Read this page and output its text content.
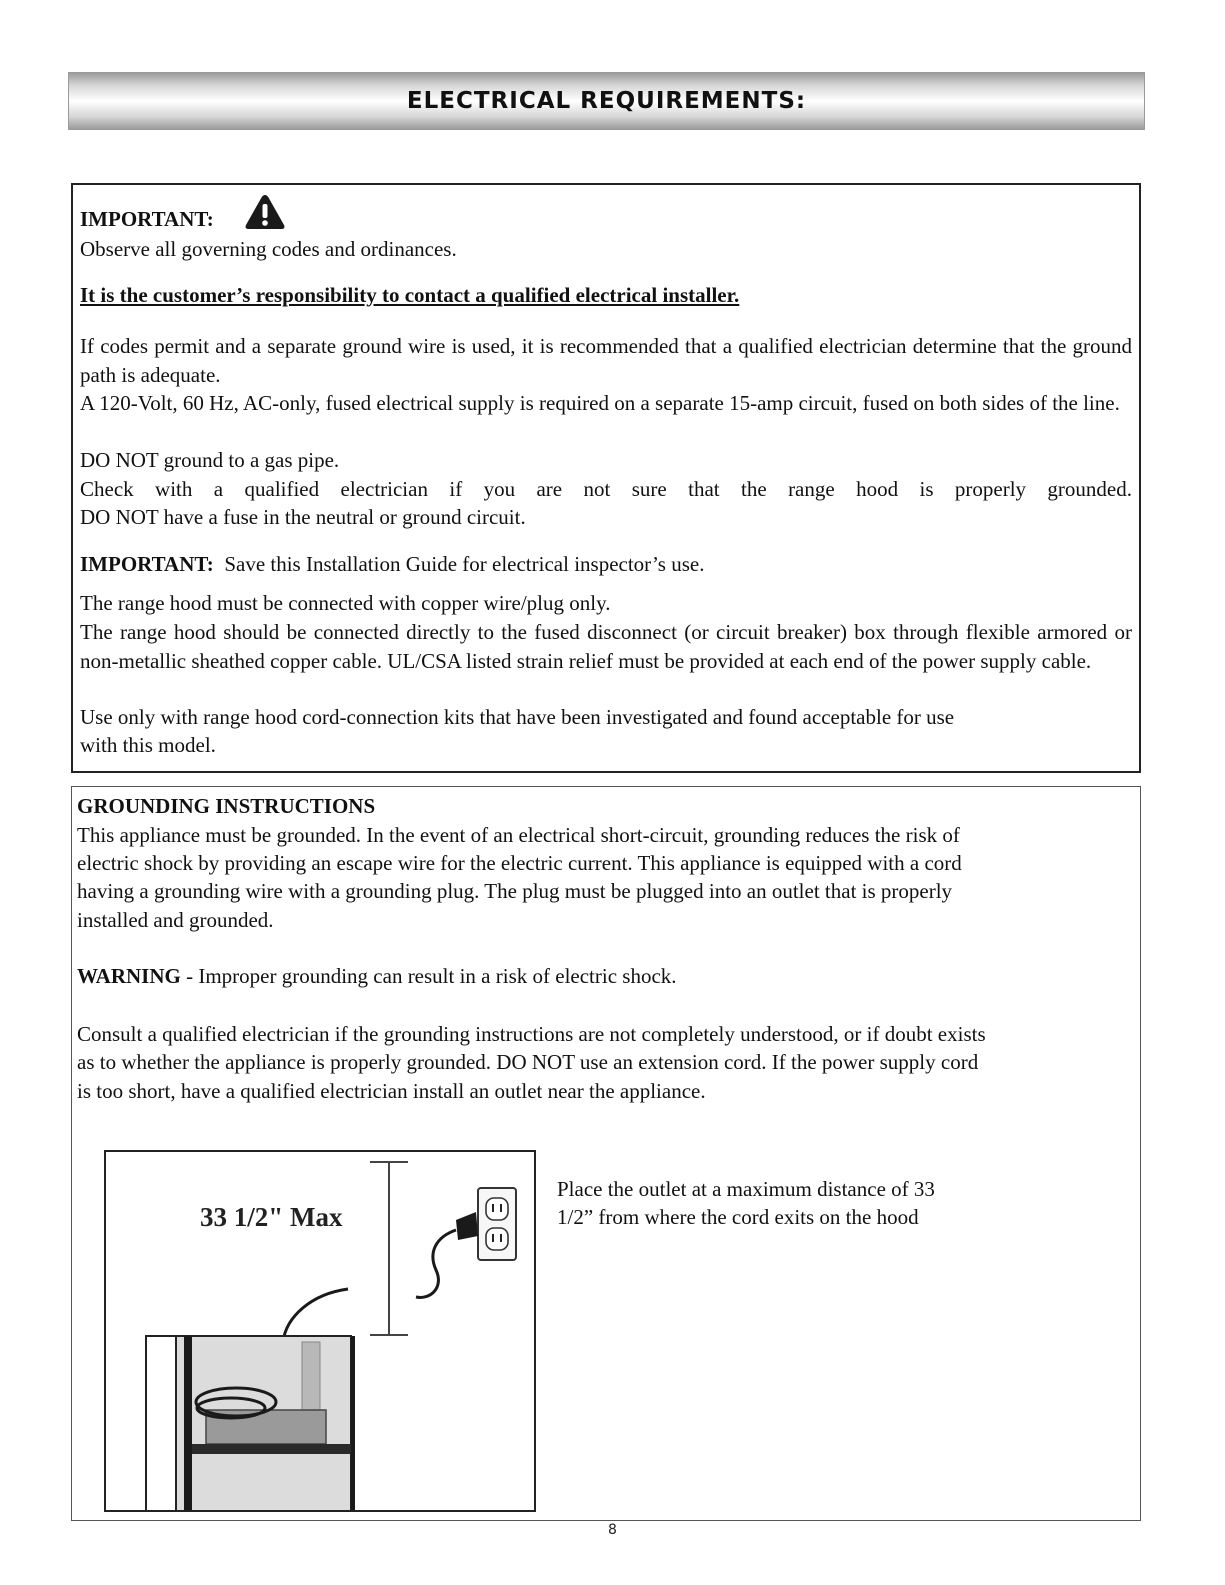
ELECTRICAL REQUIREMENTS:

IMPORTANT:

Observe all governing codes and ordinances.

It is the customer’s responsibility to contact a qualified electrical installer.

If codes permit and a separate ground wire is used, it is recommended that a qualified electrician determine that the ground path is adequate.

A 120-Volt, 60 Hz, AC-only, fused electrical supply is required on a separate 15-amp circuit, fused on both sides of the line.

DO NOT ground to a gas pipe.

Check with a qualified electrician if you are not sure that the range hood is properly grounded.

DO NOT have a fuse in the neutral or ground circuit.

IMPORTANT: Save this Installation Guide for electrical inspector’s use.

The range hood must be connected with copper wire/plug only.

The range hood should be connected directly to the fused disconnect (or circuit breaker) box through flexible armored or non-metallic sheathed copper cable. UL/CSA listed strain relief must be provided at each end of the power supply cable.

Use only with range hood cord-connection kits that have been investigated and found acceptable for use

with this model.

GROUNDING INSTRUCTIONS

This appliance must be grounded. In the event of an electrical short-circuit, grounding reduces the risk of

electric shock by providing an escape wire for the electric current. This appliance is equipped with a cord

having a grounding wire with a grounding plug. The plug must be plugged into an outlet that is properly

installed and grounded.

WARNING - Improper grounding can result in a risk of electric shock.

Consult a qualified electrician if the grounding instructions are not completely understood, or if doubt exists

as to whether the appliance is properly grounded. DO NOT use an extension cord. If the power supply cord

is too short, have a qualified electrician install an outlet near the appliance.

33 1/2" Max

Place the outlet at a maximum distance of 33

1/2” from where the cord exits on the hood

8
